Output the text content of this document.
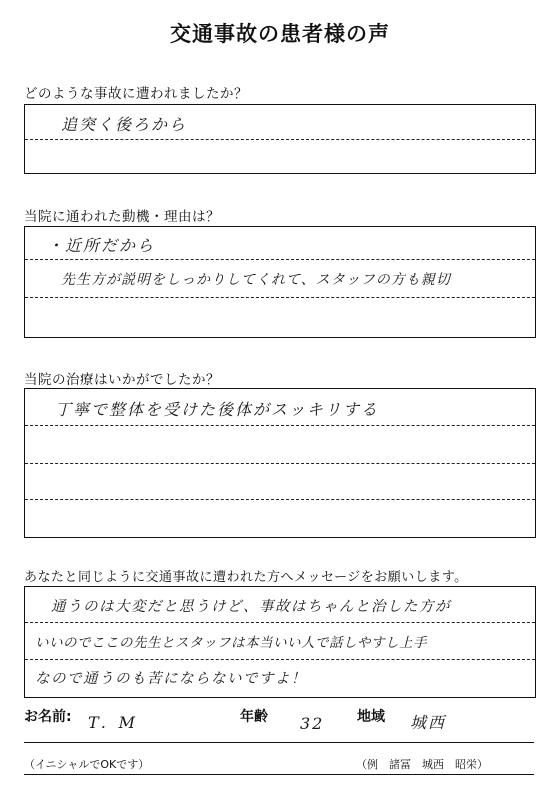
交通事故の患者様の声
どのような事故に遭われましたか？
追突く後ろから
当院に通われた動機・理由は？
・近所だから
先生方が説明をしっかりしてくれて、スタッフの方も親切
当院の治療はいかがでしたか？
丁寧で整体を受けた後体がスッキリする
あなたと同じように交通事故に遭われた方へメッセージをお願いします。
通うのは大変だと思うけど、事故はちゃんと治した方が
いいのでここの先生とスタッフは本当いい人で話しやすし上手
なので通うのも苦にならないですよ！
お名前: T．M	年齢 32 地域 城西
（イニシャルでOKです）	（例　諸冨　城西　昭栄）
